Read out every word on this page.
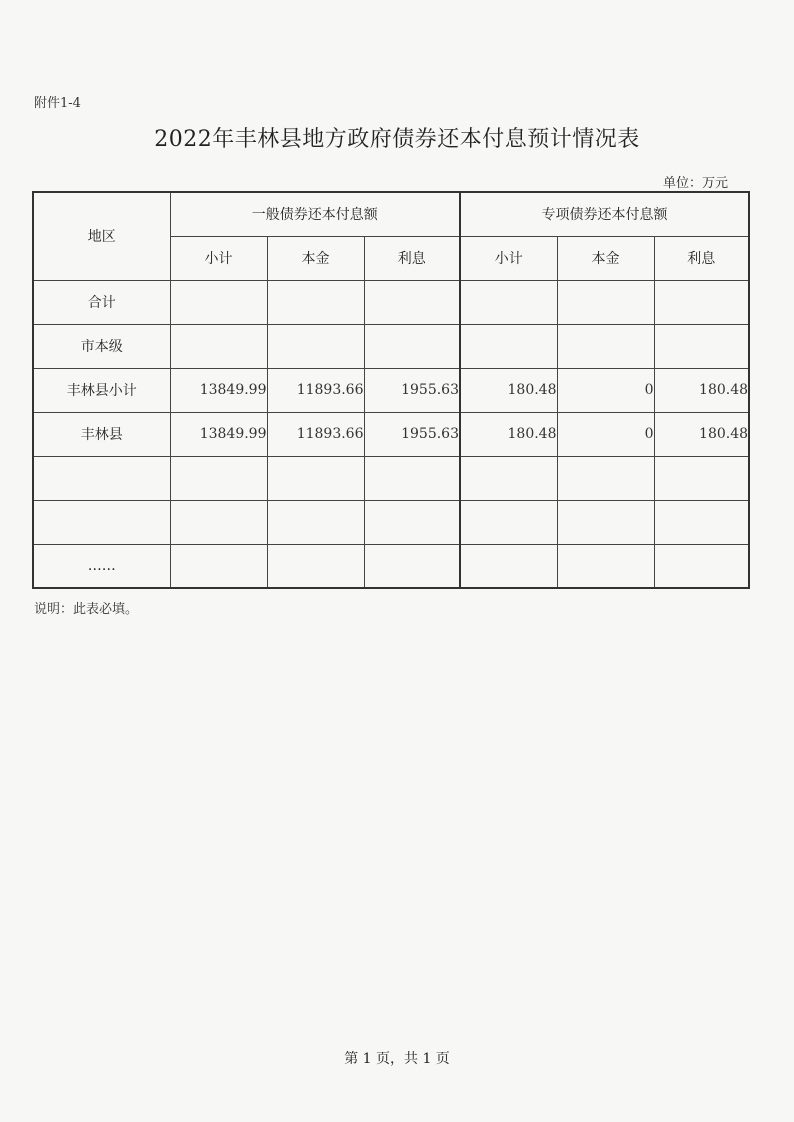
附件1-4
2022年丰林县地方政府债券还本付息预计情况表
单位：万元
地区	一般债券还本付息额			专项债券还本付息额		
	小计	本金	利息	小计	本金	利息
合计						
市本级						
丰林县小计	13849.99	11893.66	1955.63	180.48	0	180.48
丰林县	13849.99	11893.66	1955.63	180.48	0	180.48

……						
说明：此表必填。
第 1 页，共 1 页
